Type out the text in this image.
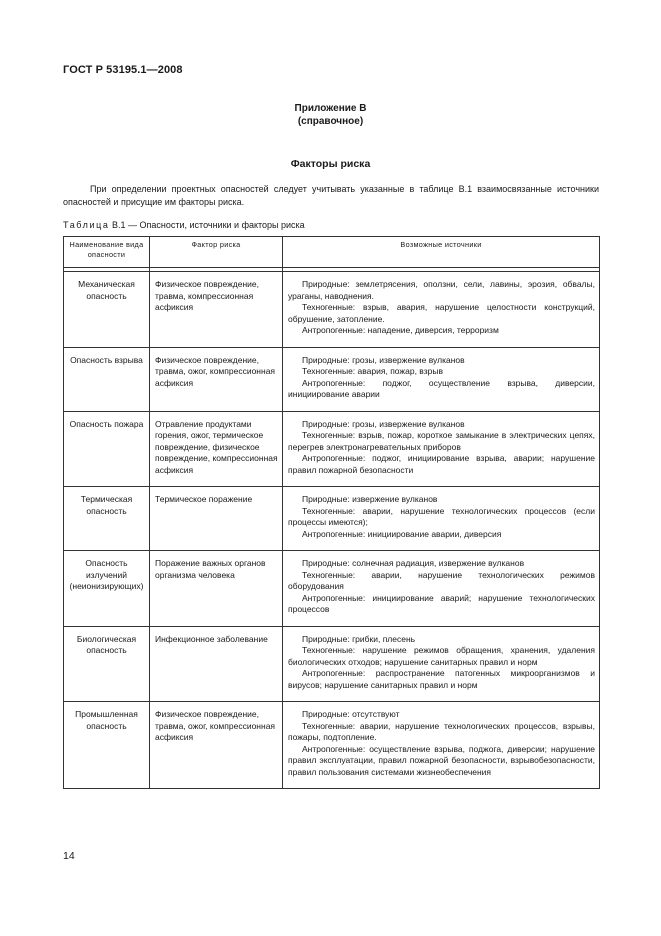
ГОСТ Р 53195.1—2008
Приложение В
(справочное)
Факторы риска
При определении проектных опасностей следует учитывать указанные в таблице В.1 взаимосвязанные источники опасностей и присущие им факторы риска.
Таблица В.1 — Опасности, источники и факторы риска
Наименование вида опасности	Фактор риска	Возможные источники

Механическая опасность	Физическое повреждение, травма, компрессионная асфиксия	Природные: землетрясения, оползни, сели, лавины, эрозия, обвалы, ураганы, наводнения.

Техногенные: взрыв, авария, нарушение целостности конструкций, обрушение, затопление.

Антропогенные: нападение, диверсия, терроризм

Опасность взрыва	Физическое повреждение, травма, ожог, компрессионная асфиксия	Природные: грозы, извержение вулканов

Техногенные: авария, пожар, взрыв

Антропогенные: поджог, осуществление взрыва, диверсии, инициирование аварии

Опасность пожара	Отравление продуктами горения, ожог, термическое повреждение, физическое повреждение, компрессионная асфиксия	Природные: грозы, извержение вулканов

Техногенные: взрыв, пожар, короткое замыкание в электрических цепях, перегрев электронагревательных приборов

Антропогенные: поджог, инициирование взрыва, аварии; нарушение правил пожарной безопасности

Термическая опасность	Термическое поражение	Природные: извержение вулканов

Техногенные: аварии, нарушение технологических процессов (если процессы имеются);

Антропогенные: инициирование аварии, диверсия

Опасность излучений (неионизирующих)	Поражение важных органов организма человека	Природные: солнечная радиация, извержение вулканов

Техногенные: аварии, нарушение технологических режимов оборудования

Антропогенные: инициирование аварий; нарушение технологических процессов

Биологическая опасность	Инфекционное заболевание	Природные: грибки, плесень

Техногенные: нарушение режимов обращения, хранения, удаления биологических отходов; нарушение санитарных правил и норм

Антропогенные: распространение патогенных микроорганизмов и вирусов; нарушение санитарных правил и норм

Промышленная опасность	Физическое повреждение, травма, ожог, компрессионная асфиксия	Природные: отсутствуют

Техногенные: аварии, нарушение технологических процессов, взрывы, пожары, подтопление.

Антропогенные: осуществление взрыва, поджога, диверсии; нарушение правил эксплуатации, правил пожарной безопасности, взрывобезопасности, правил пользования системами жизнеобеспечения

14
